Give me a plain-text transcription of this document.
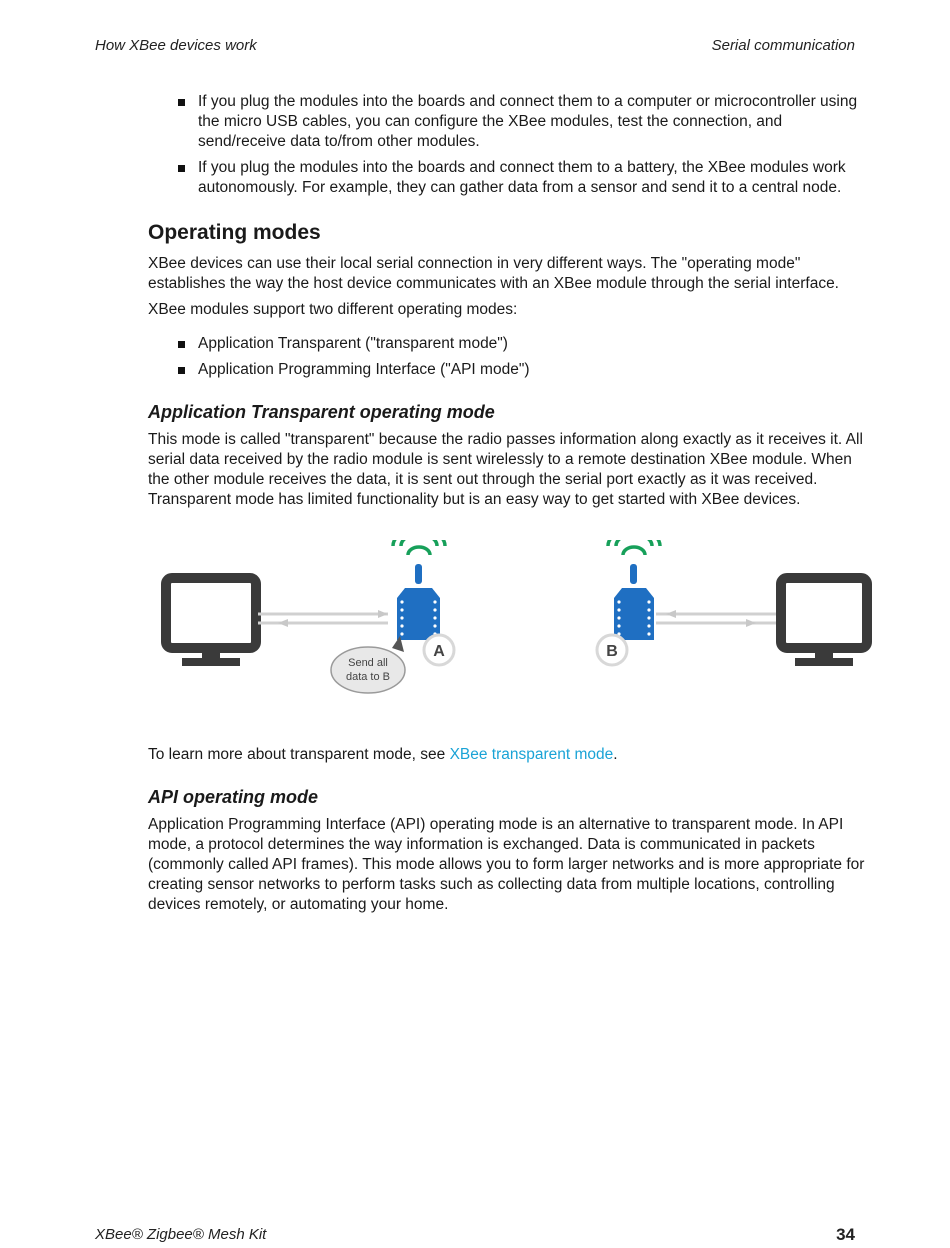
How XBee devices work	Serial communication
If you plug the modules into the boards and connect them to a computer or microcontroller using the micro USB cables, you can configure the XBee modules, test the connection, and send/receive data to/from other modules.
If you plug the modules into the boards and connect them to a battery, the XBee modules work autonomously. For example, they can gather data from a sensor and send it to a central node.
Operating modes

XBee devices can use their local serial connection in very different ways. The "operating mode" establishes the way the host device communicates with an XBee module through the serial interface.

XBee modules support two different operating modes:

Application Transparent ("transparent mode")
Application Programming Interface ("API mode")
Application Transparent operating mode

This mode is called "transparent" because the radio passes information along exactly as it receives it. All serial data received by the radio module is sent wirelessly to a remote destination XBee module. When the other module receives the data, it is sent out through the serial port exactly as it was received. Transparent mode has limited functionality but is an easy way to get started with XBee devices.

A
Send all
data to B
B

To learn more about transparent mode, see XBee transparent mode.

API operating mode

Application Programming Interface (API) operating mode is an alternative to transparent mode. In API mode, a protocol determines the way information is exchanged. Data is communicated in packets (commonly called API frames). This mode allows you to form larger networks and is more appropriate for creating sensor networks to perform tasks such as collecting data from multiple locations, controlling devices remotely, or automating your home.

XBee® Zigbee® Mesh Kit	34
